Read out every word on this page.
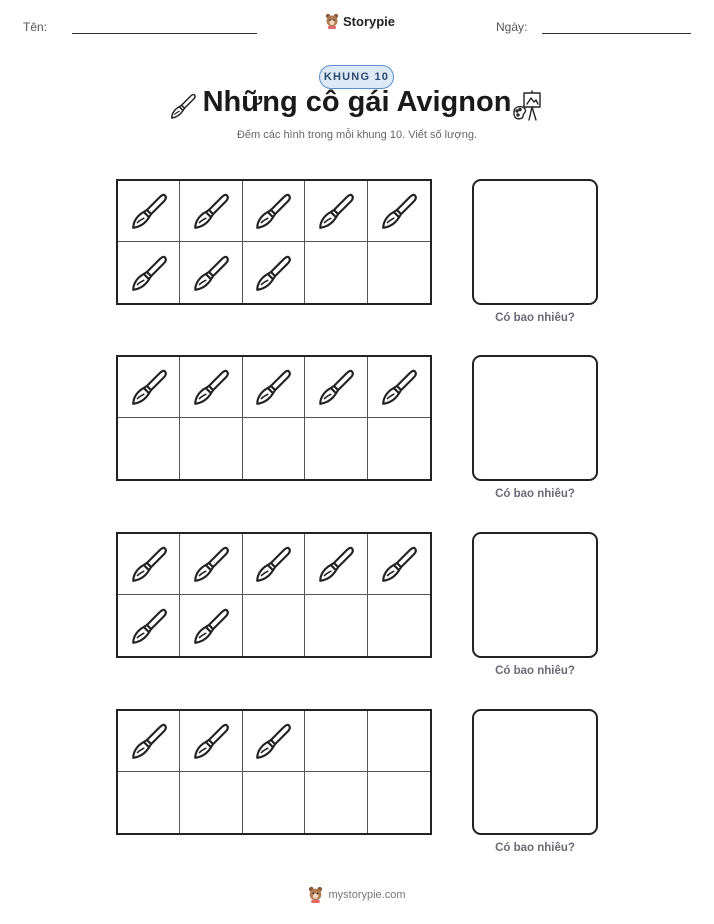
Tên:	Storypie	Ngày:
KHUNG 10
Những cô gái Avignon
Đếm các hình trong mỗi khung 10. Viết số lượng.
Có bao nhiêu?
Có bao nhiêu?
Có bao nhiêu?
Có bao nhiêu?
mystorypie.com
